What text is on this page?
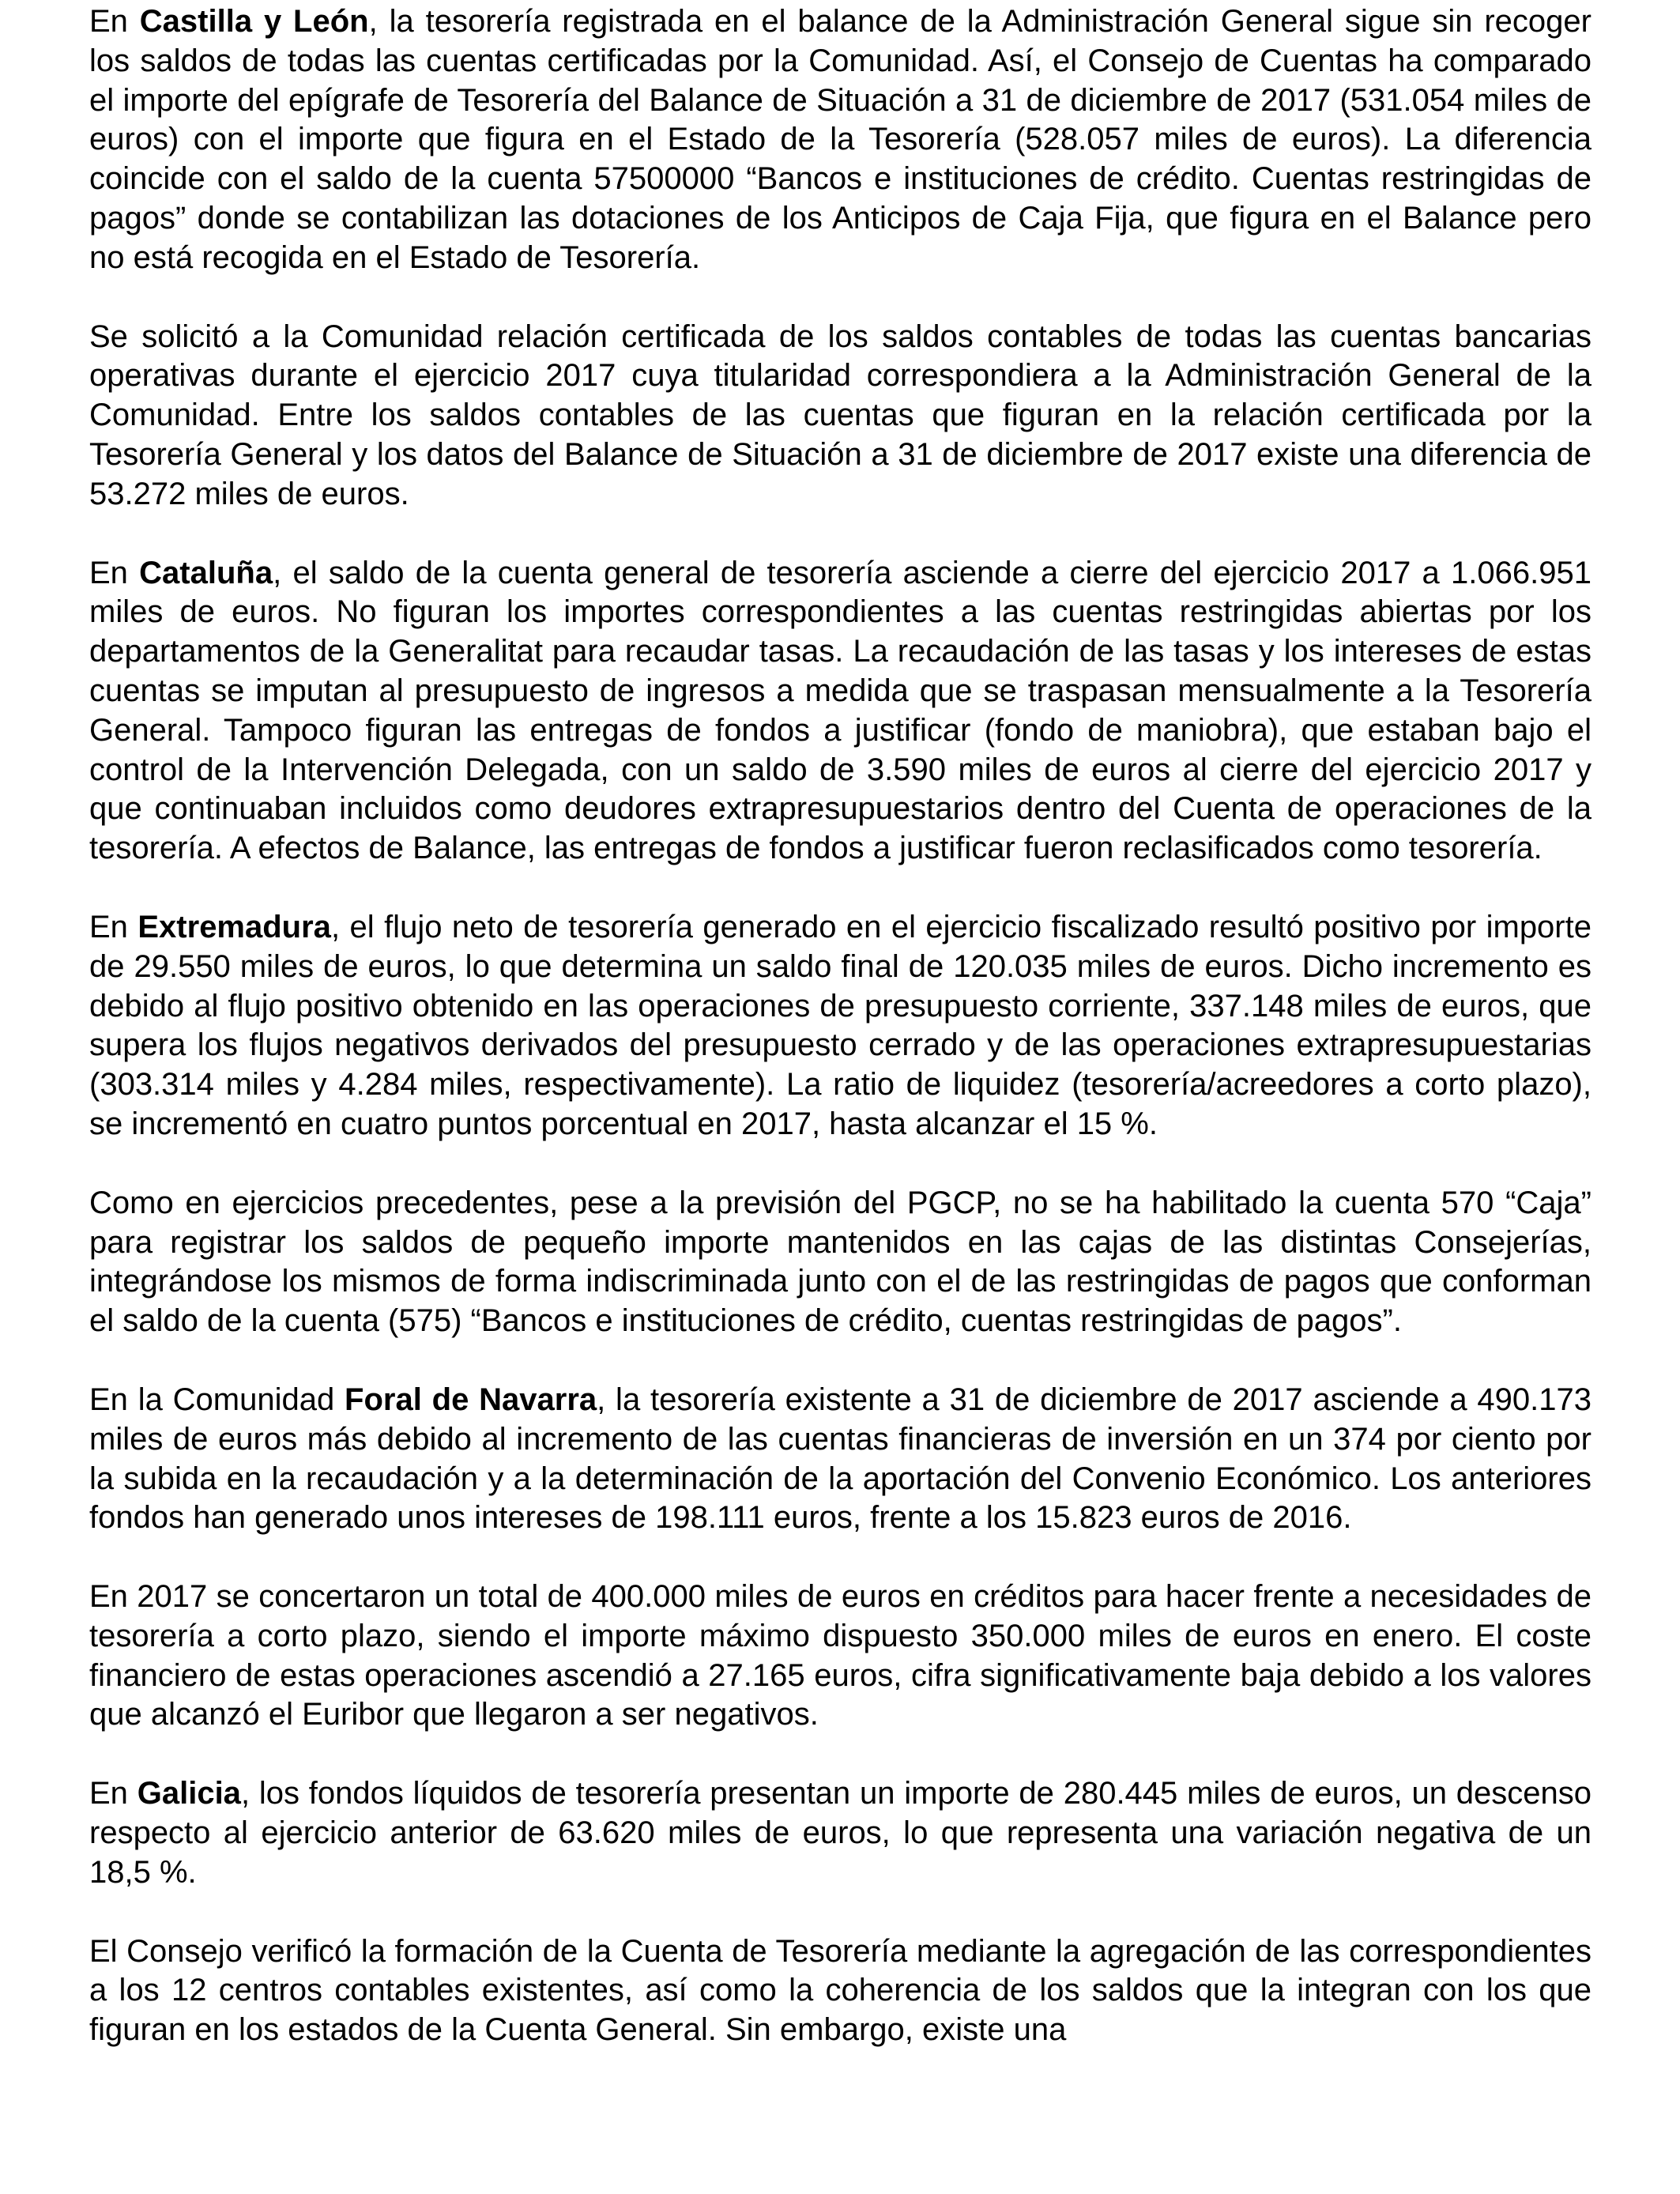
En Castilla y León, la tesorería registrada en el balance de la Administración General sigue sin recoger los saldos de todas las cuentas certificadas por la Comunidad. Así, el Consejo de Cuentas ha comparado el importe del epígrafe de Tesorería del Balance de Situación a 31 de diciembre de 2017 (531.054 miles de euros) con el importe que figura en el Estado de la Tesorería (528.057 miles de euros). La diferencia coincide con el saldo de la cuenta 57500000 “Bancos e instituciones de crédito. Cuentas restringidas de pagos” donde se contabilizan las dotaciones de los Anticipos de Caja Fija, que figura en el Balance pero no está recogida en el Estado de Tesorería.

Se solicitó a la Comunidad relación certificada de los saldos contables de todas las cuentas bancarias operativas durante el ejercicio 2017 cuya titularidad correspondiera a la Administración General de la Comunidad. Entre los saldos contables de las cuentas que figuran en la relación certificada por la Tesorería General y los datos del Balance de Situación a 31 de diciembre de 2017 existe una diferencia de 53.272 miles de euros.

En Cataluña, el saldo de la cuenta general de tesorería asciende a cierre del ejercicio 2017 a 1.066.951 miles de euros. No figuran los importes correspondientes a las cuentas restringidas abiertas por los departamentos de la Generalitat para recaudar tasas. La recaudación de las tasas y los intereses de estas cuentas se imputan al presupuesto de ingresos a medida que se traspasan mensualmente a la Tesorería General. Tampoco figuran las entregas de fondos a justificar (fondo de maniobra), que estaban bajo el control de la Intervención Delegada, con un saldo de 3.590 miles de euros al cierre del ejercicio 2017 y que continuaban incluidos como deudores extrapresupuestarios dentro del Cuenta de operaciones de la tesorería. A efectos de Balance, las entregas de fondos a justificar fueron reclasificados como tesorería.

En Extremadura, el flujo neto de tesorería generado en el ejercicio fiscalizado resultó positivo por importe de 29.550 miles de euros, lo que determina un saldo final de 120.035 miles de euros. Dicho incremento es debido al flujo positivo obtenido en las operaciones de presupuesto corriente, 337.148 miles de euros, que supera los flujos negativos derivados del presupuesto cerrado y de las operaciones extrapresupuestarias (303.314 miles y 4.284 miles, respectivamente). La ratio de liquidez (tesorería/acreedores a corto plazo), se incrementó en cuatro puntos porcentual en 2017, hasta alcanzar el 15 %.

Como en ejercicios precedentes, pese a la previsión del PGCP, no se ha habilitado la cuenta 570 “Caja” para registrar los saldos de pequeño importe mantenidos en las cajas de las distintas Consejerías, integrándose los mismos de forma indiscriminada junto con el de las restringidas de pagos que conforman el saldo de la cuenta (575) “Bancos e instituciones de crédito, cuentas restringidas de pagos”.

En la Comunidad Foral de Navarra, la tesorería existente a 31 de diciembre de 2017 asciende a 490.173 miles de euros más debido al incremento de las cuentas financieras de inversión en un 374 por ciento por la subida en la recaudación y a la determinación de la aportación del Convenio Económico. Los anteriores fondos han generado unos intereses de 198.111 euros, frente a los 15.823 euros de 2016.

En 2017 se concertaron un total de 400.000 miles de euros en créditos para hacer frente a necesidades de tesorería a corto plazo, siendo el importe máximo dispuesto 350.000 miles de euros en enero. El coste financiero de estas operaciones ascendió a 27.165 euros, cifra significativamente baja debido a los valores que alcanzó el Euribor que llegaron a ser negativos.

En Galicia, los fondos líquidos de tesorería presentan un importe de 280.445 miles de euros, un descenso respecto al ejercicio anterior de 63.620 miles de euros, lo que representa una variación negativa de un 18,5 %.

El Consejo verificó la formación de la Cuenta de Tesorería mediante la agregación de las correspondientes a los 12 centros contables existentes, así como la coherencia de los saldos que la integran con los que figuran en los estados de la Cuenta General. Sin embargo, existe una
